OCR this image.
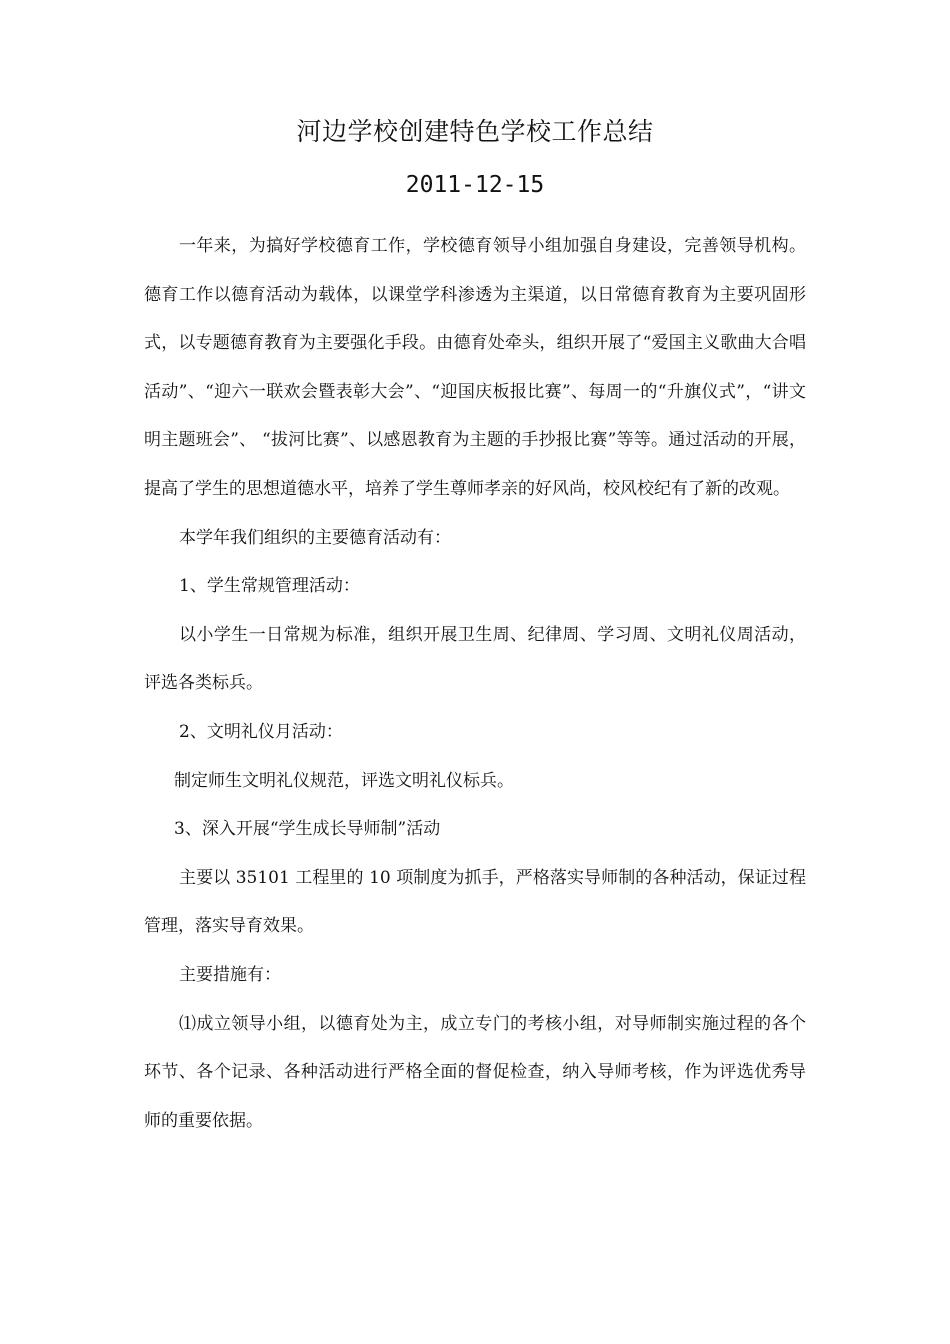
河边学校创建特色学校工作总结
2011-12-15

一年来，为搞好学校德育工作，学校德育领导小组加强自身建设，完善领导机构。德育工作以德育活动为载体，以课堂学科渗透为主渠道，以日常德育教育为主要巩固形式，以专题德育教育为主要强化手段。由德育处牵头，组织开展了“爱国主义歌曲大合唱活动”、“迎六一联欢会暨表彰大会”、“迎国庆板报比赛”、每周一的“升旗仪式”，“讲文明主题班会”、 “拔河比赛”、以感恩教育为主题的手抄报比赛”等等。通过活动的开展，提高了学生的思想道德水平，培养了学生尊师孝亲的好风尚，校风校纪有了新的改观。

本学年我们组织的主要德育活动有：

1、学生常规管理活动：

以小学生一日常规为标准，组织开展卫生周、纪律周、学习周、文明礼仪周活动，评选各类标兵。

2、文明礼仪月活动：

制定师生文明礼仪规范，评选文明礼仪标兵。

3、深入开展“学生成长导师制”活动

主要以 35101 工程里的 10 项制度为抓手，严格落实导师制的各种活动，保证过程管理，落实导育效果。

主要措施有：

⑴成立领导小组，以德育处为主，成立专门的考核小组，对导师制实施过程的各个环节、各个记录、各种活动进行严格全面的督促检查，纳入导师考核，作为评选优秀导师的重要依据。
